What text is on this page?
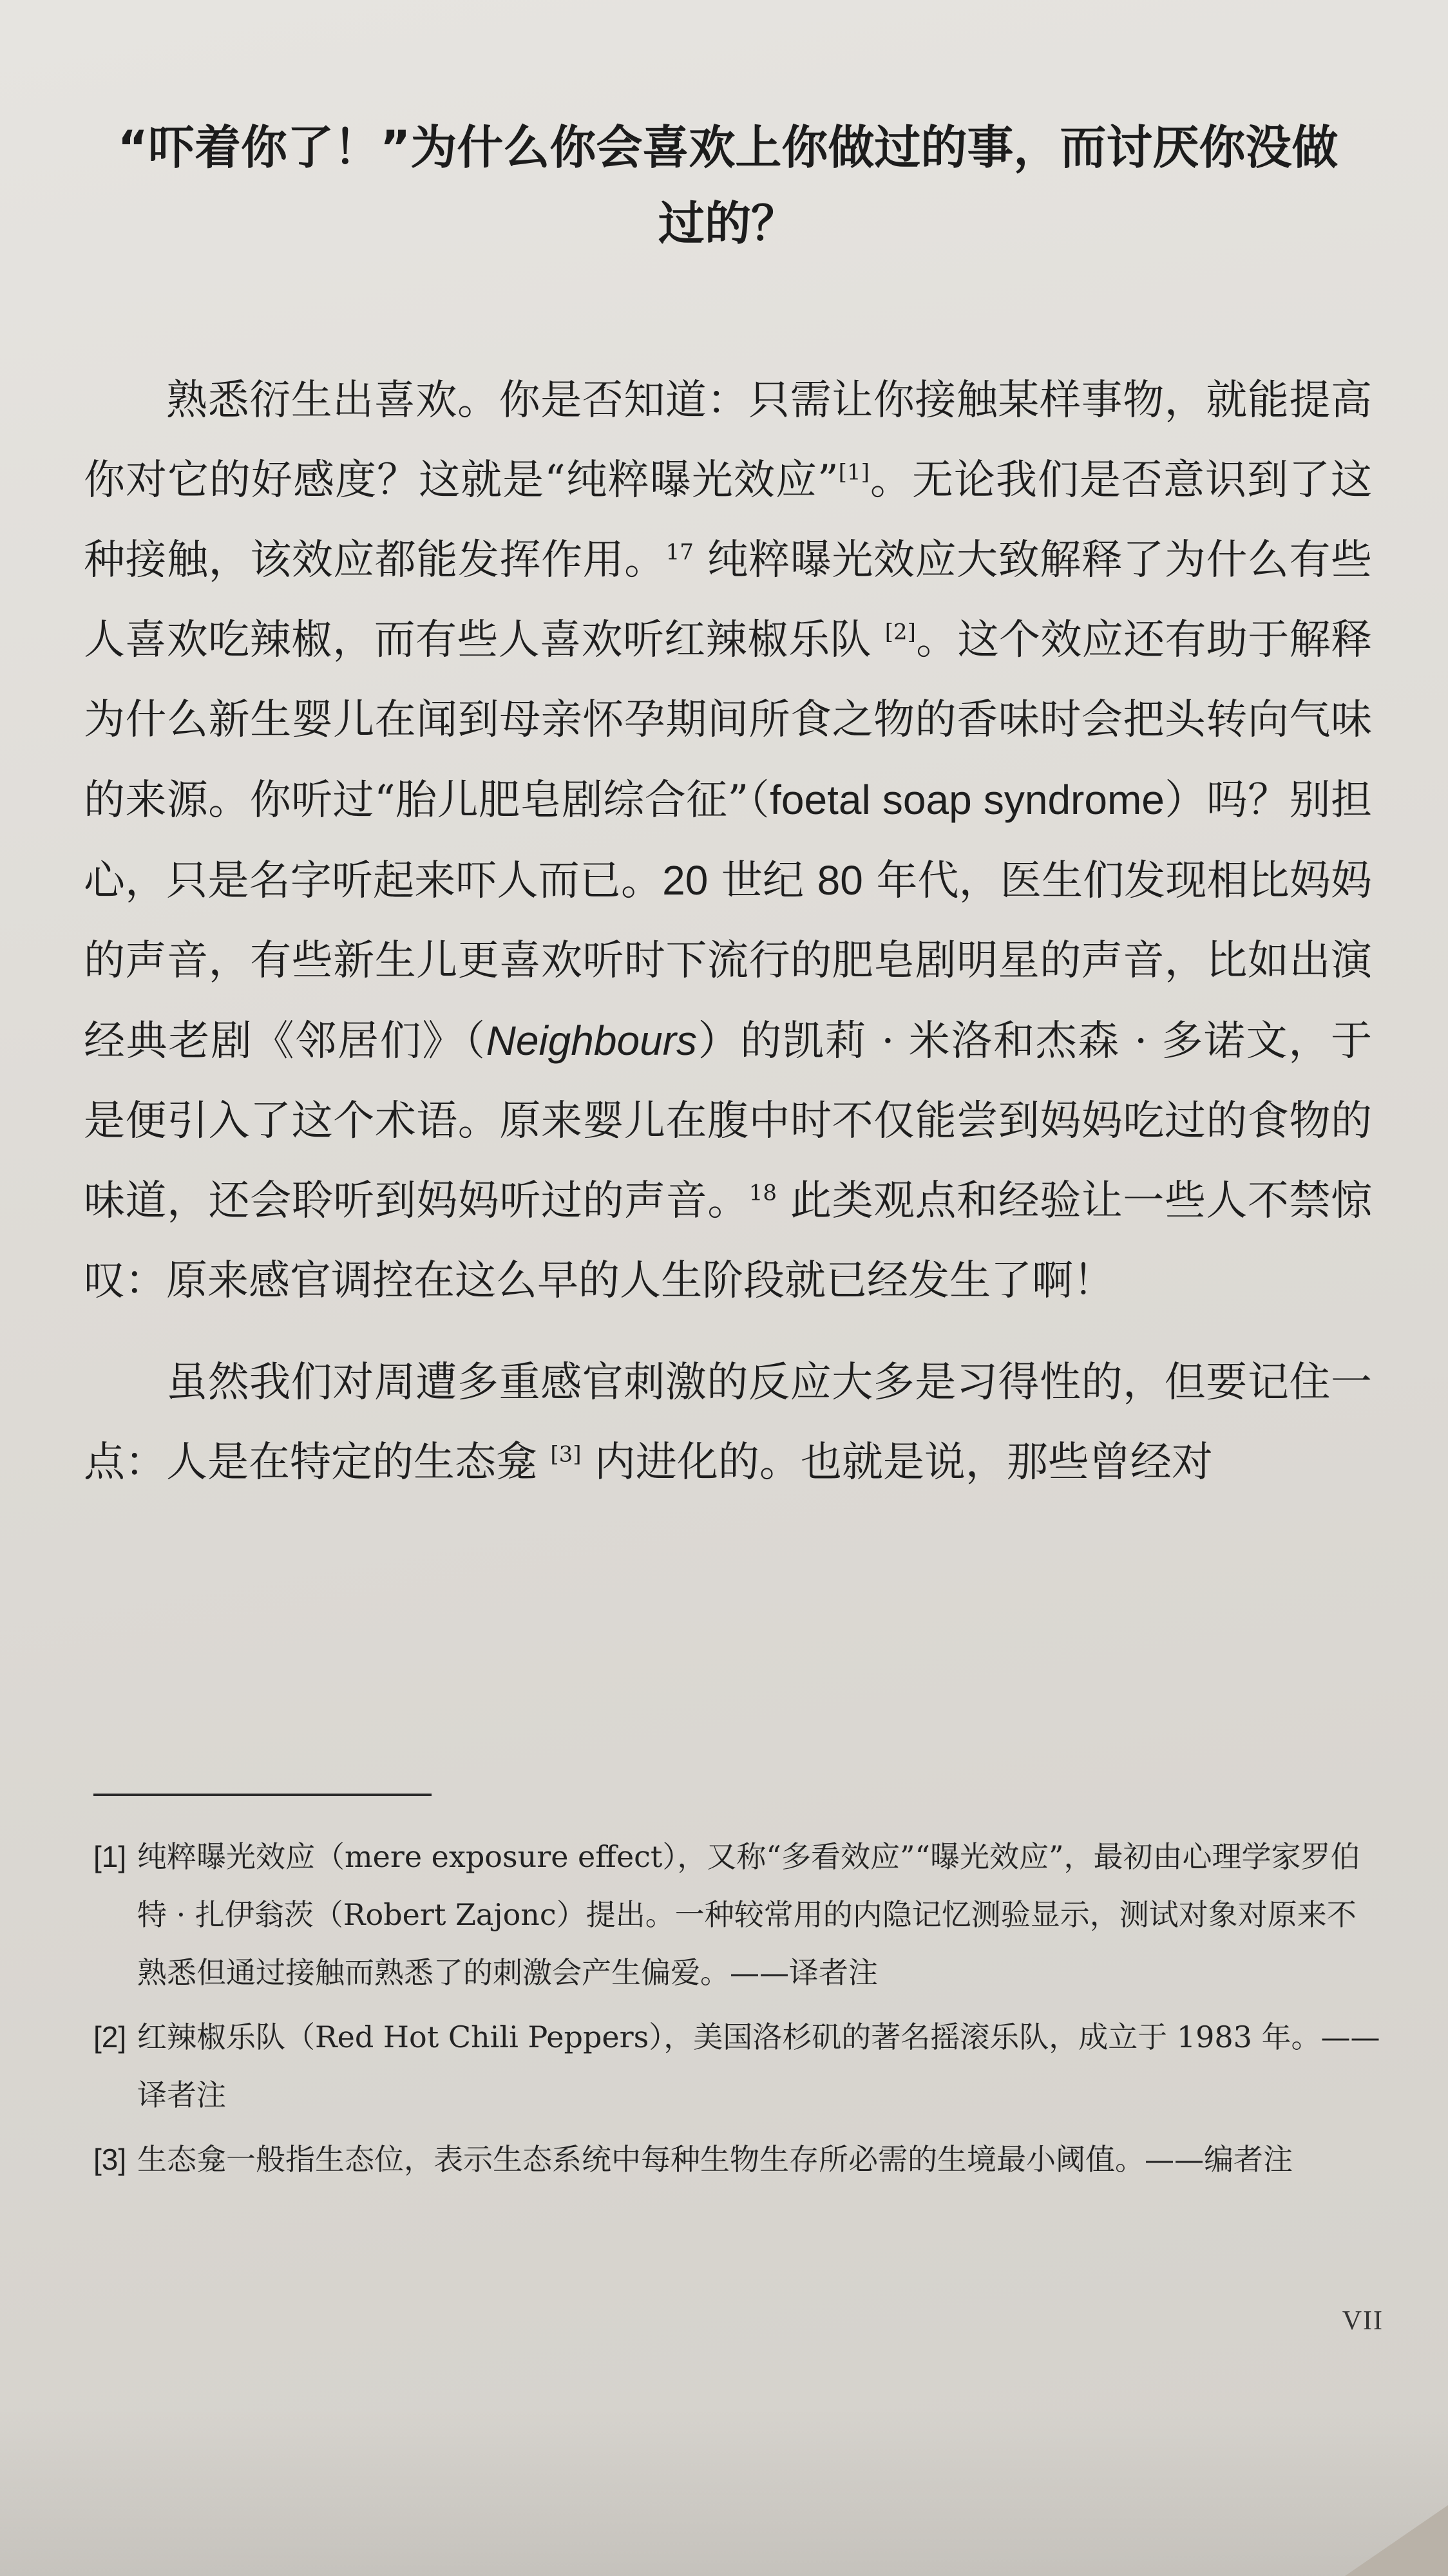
“吓着你了！”为什么你会喜欢上你做过的事，而讨厌你没做过的？

熟悉衍生出喜欢。你是否知道：只需让你接触某样事物，就能提高你对它的好感度？这就是“纯粹曝光效应”[1]。无论我们是否意识到了这种接触，该效应都能发挥作用。$^{17}$ 纯粹曝光效应大致解释了为什么有些人喜欢吃辣椒，而有些人喜欢听红辣椒乐队 [2]。这个效应还有助于解释为什么新生婴儿在闻到母亲怀孕期间所食之物的香味时会把头转向气味的来源。你听过“胎儿肥皂剧综合征”（foetal soap syndrome）吗？别担心，只是名字听起来吓人而已。20 世纪 80 年代，医生们发现相比妈妈的声音，有些新生儿更喜欢听时下流行的肥皂剧明星的声音，比如出演经典老剧《邻居们》（Neighbours）的凯莉 · 米洛和杰森 · 多诺文，于是便引入了这个术语。原来婴儿在腹中时不仅能尝到妈妈吃过的食物的味道，还会聆听到妈妈听过的声音。$^{18}$ 此类观点和经验让一些人不禁惊叹：原来感官调控在这么早的人生阶段就已经发生了啊！

虽然我们对周遭多重感官刺激的反应大多是习得性的，但要记住一点：人是在特定的生态龛 [3] 内进化的。也就是说，那些曾经对

[1] 纯粹曝光效应（mere exposure effect），又称“多看效应”“曝光效应”，最初由心理学家罗伯特 · 扎伊翁茨（Robert Zajonc）提出。一种较常用的内隐记忆测验显示，测试对象对原来不熟悉但通过接触而熟悉了的刺激会产生偏爱。——译者注

[2] 红辣椒乐队（Red Hot Chili Peppers），美国洛杉矶的著名摇滚乐队，成立于 1983 年。——译者注

[3] 生态龛一般指生态位，表示生态系统中每种生物生存所必需的生境最小阈值。——编者注

VII
